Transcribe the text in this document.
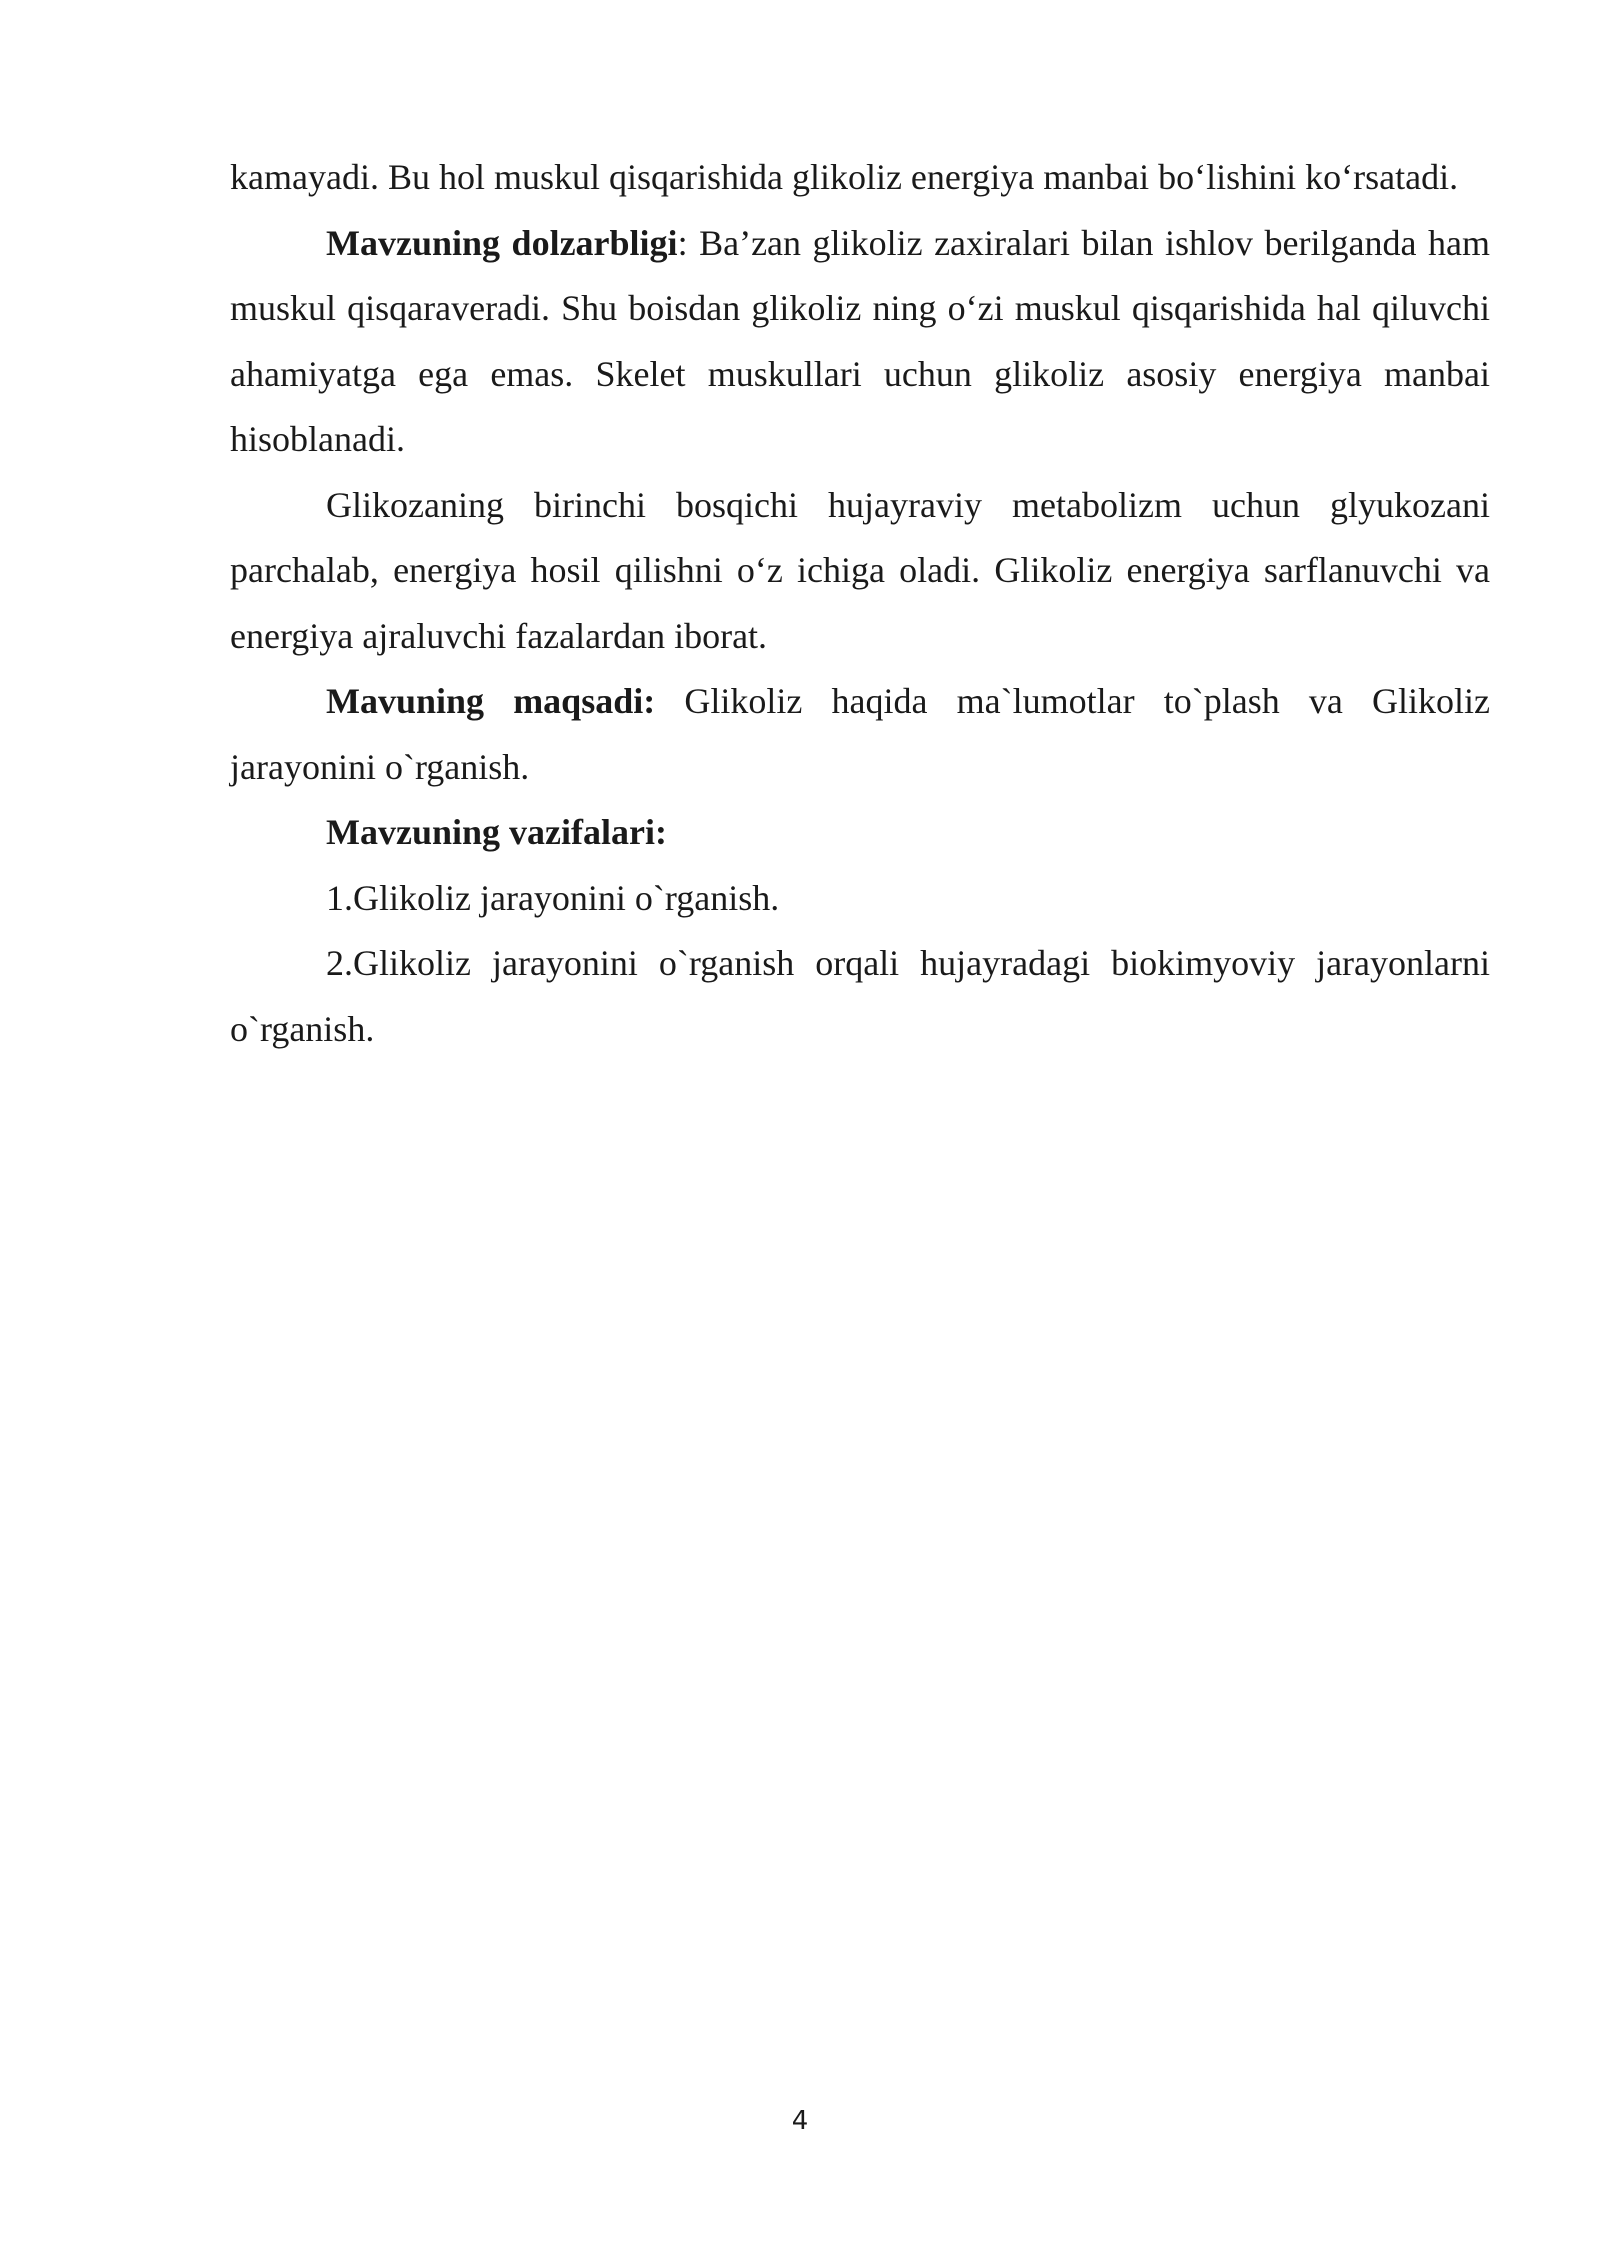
kamayadi. Bu hol muskul qisqarishida glikoliz energiya manbai bo‘lishini ko‘rsatadi.

Mavzuning dolzarbligi: Ba’zan glikoliz zaxiralari bilan ishlov berilganda ham muskul qisqaraveradi. Shu boisdan glikoliz ning o‘zi muskul qisqarishida hal qiluvchi ahamiyatga ega emas. Skelet muskullari uchun glikoliz asosiy energiya manbai hisoblanadi.

Glikozaning birinchi bosqichi hujayraviy metabolizm uchun glyukozani parchalab, energiya hosil qilishni o‘z ichiga oladi. Glikoliz energiya sarflanuvchi va energiya ajraluvchi fazalardan iborat.

Mavuning maqsadi: Glikoliz haqida ma`lumotlar to`plash va Glikoliz jarayonini o`rganish.

Mavzuning vazifalari:

1.Glikoliz jarayonini o`rganish.

2.Glikoliz jarayonini o`rganish orqali hujayradagi biokimyoviy jarayonlarni o`rganish.

4
